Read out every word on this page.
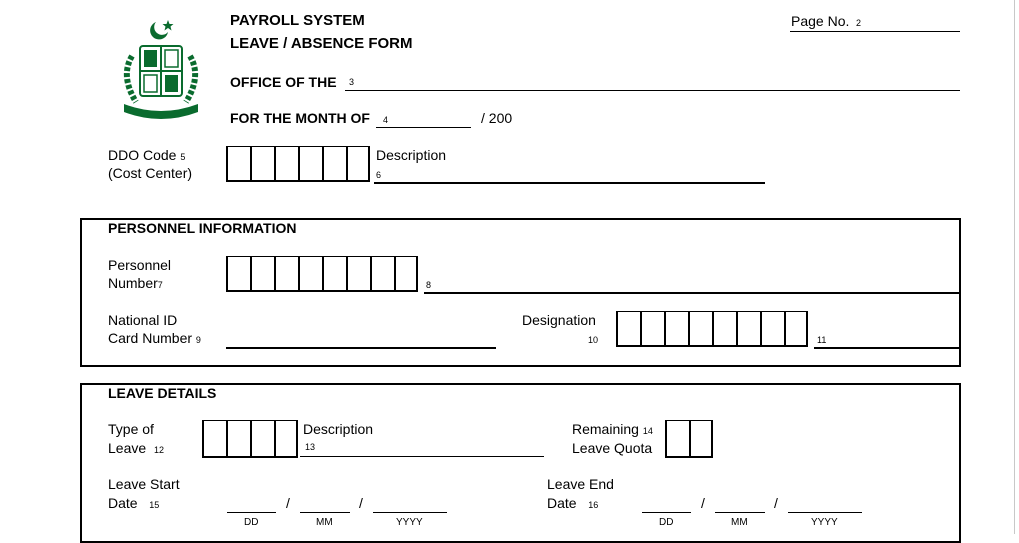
PAYROLL SYSTEM
LEAVE / ABSENCE FORM
Page No. 2
OFFICE OF THE 3
FOR THE MONTH OF 4	/ 200
DDO Code 5
(Cost Center)
Description
6
PERSONNEL INFORMATION
Personnel
Number7	8
National ID
Card Number 9
Designation
10	11
LEAVE DETAILS
Type of
Leave 12
Description
13
Remaining 14
Leave Quota
Leave Start
Date 15	/	/
DD	MM	YYYY
Leave End
Date 16	/	/
DD	MM	YYYY
